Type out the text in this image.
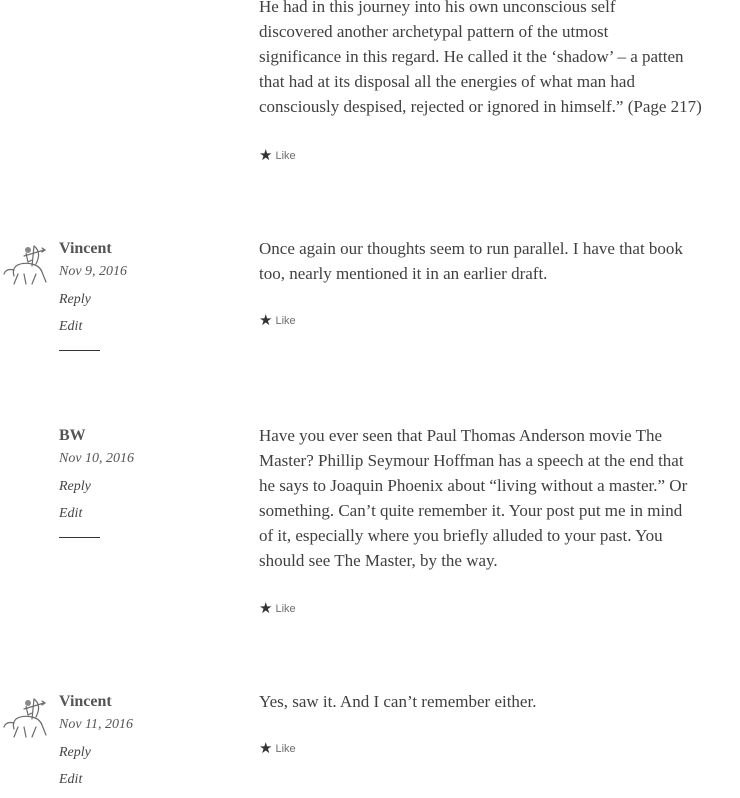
He had in this journey into his own unconscious self
discovered another archetypal pattern of the utmost
significance in this regard. He called it the ‘shadow’ – a patten
that had at its disposal all the energies of what man had
consciously despised, rejected or ignored in himself.” (Page 217)
★ Like
Vincent
Nov 9, 2016
Reply
Edit
Once again our thoughts seem to run parallel. I have that book
too, nearly mentioned it in an earlier draft.
★ Like
BW
Nov 10, 2016
Reply
Edit
Have you ever seen that Paul Thomas Anderson movie The
Master? Phillip Seymour Hoffman has a speech at the end that
he says to Joaquin Phoenix about “living without a master.” Or
something. Can’t quite remember it. Your post put me in mind
of it, especially where you briefly alluded to your past. You
should see The Master, by the way.
★ Like
Vincent
Nov 11, 2016
Reply
Edit
Yes, saw it. And I can’t remember either.
★ Like
